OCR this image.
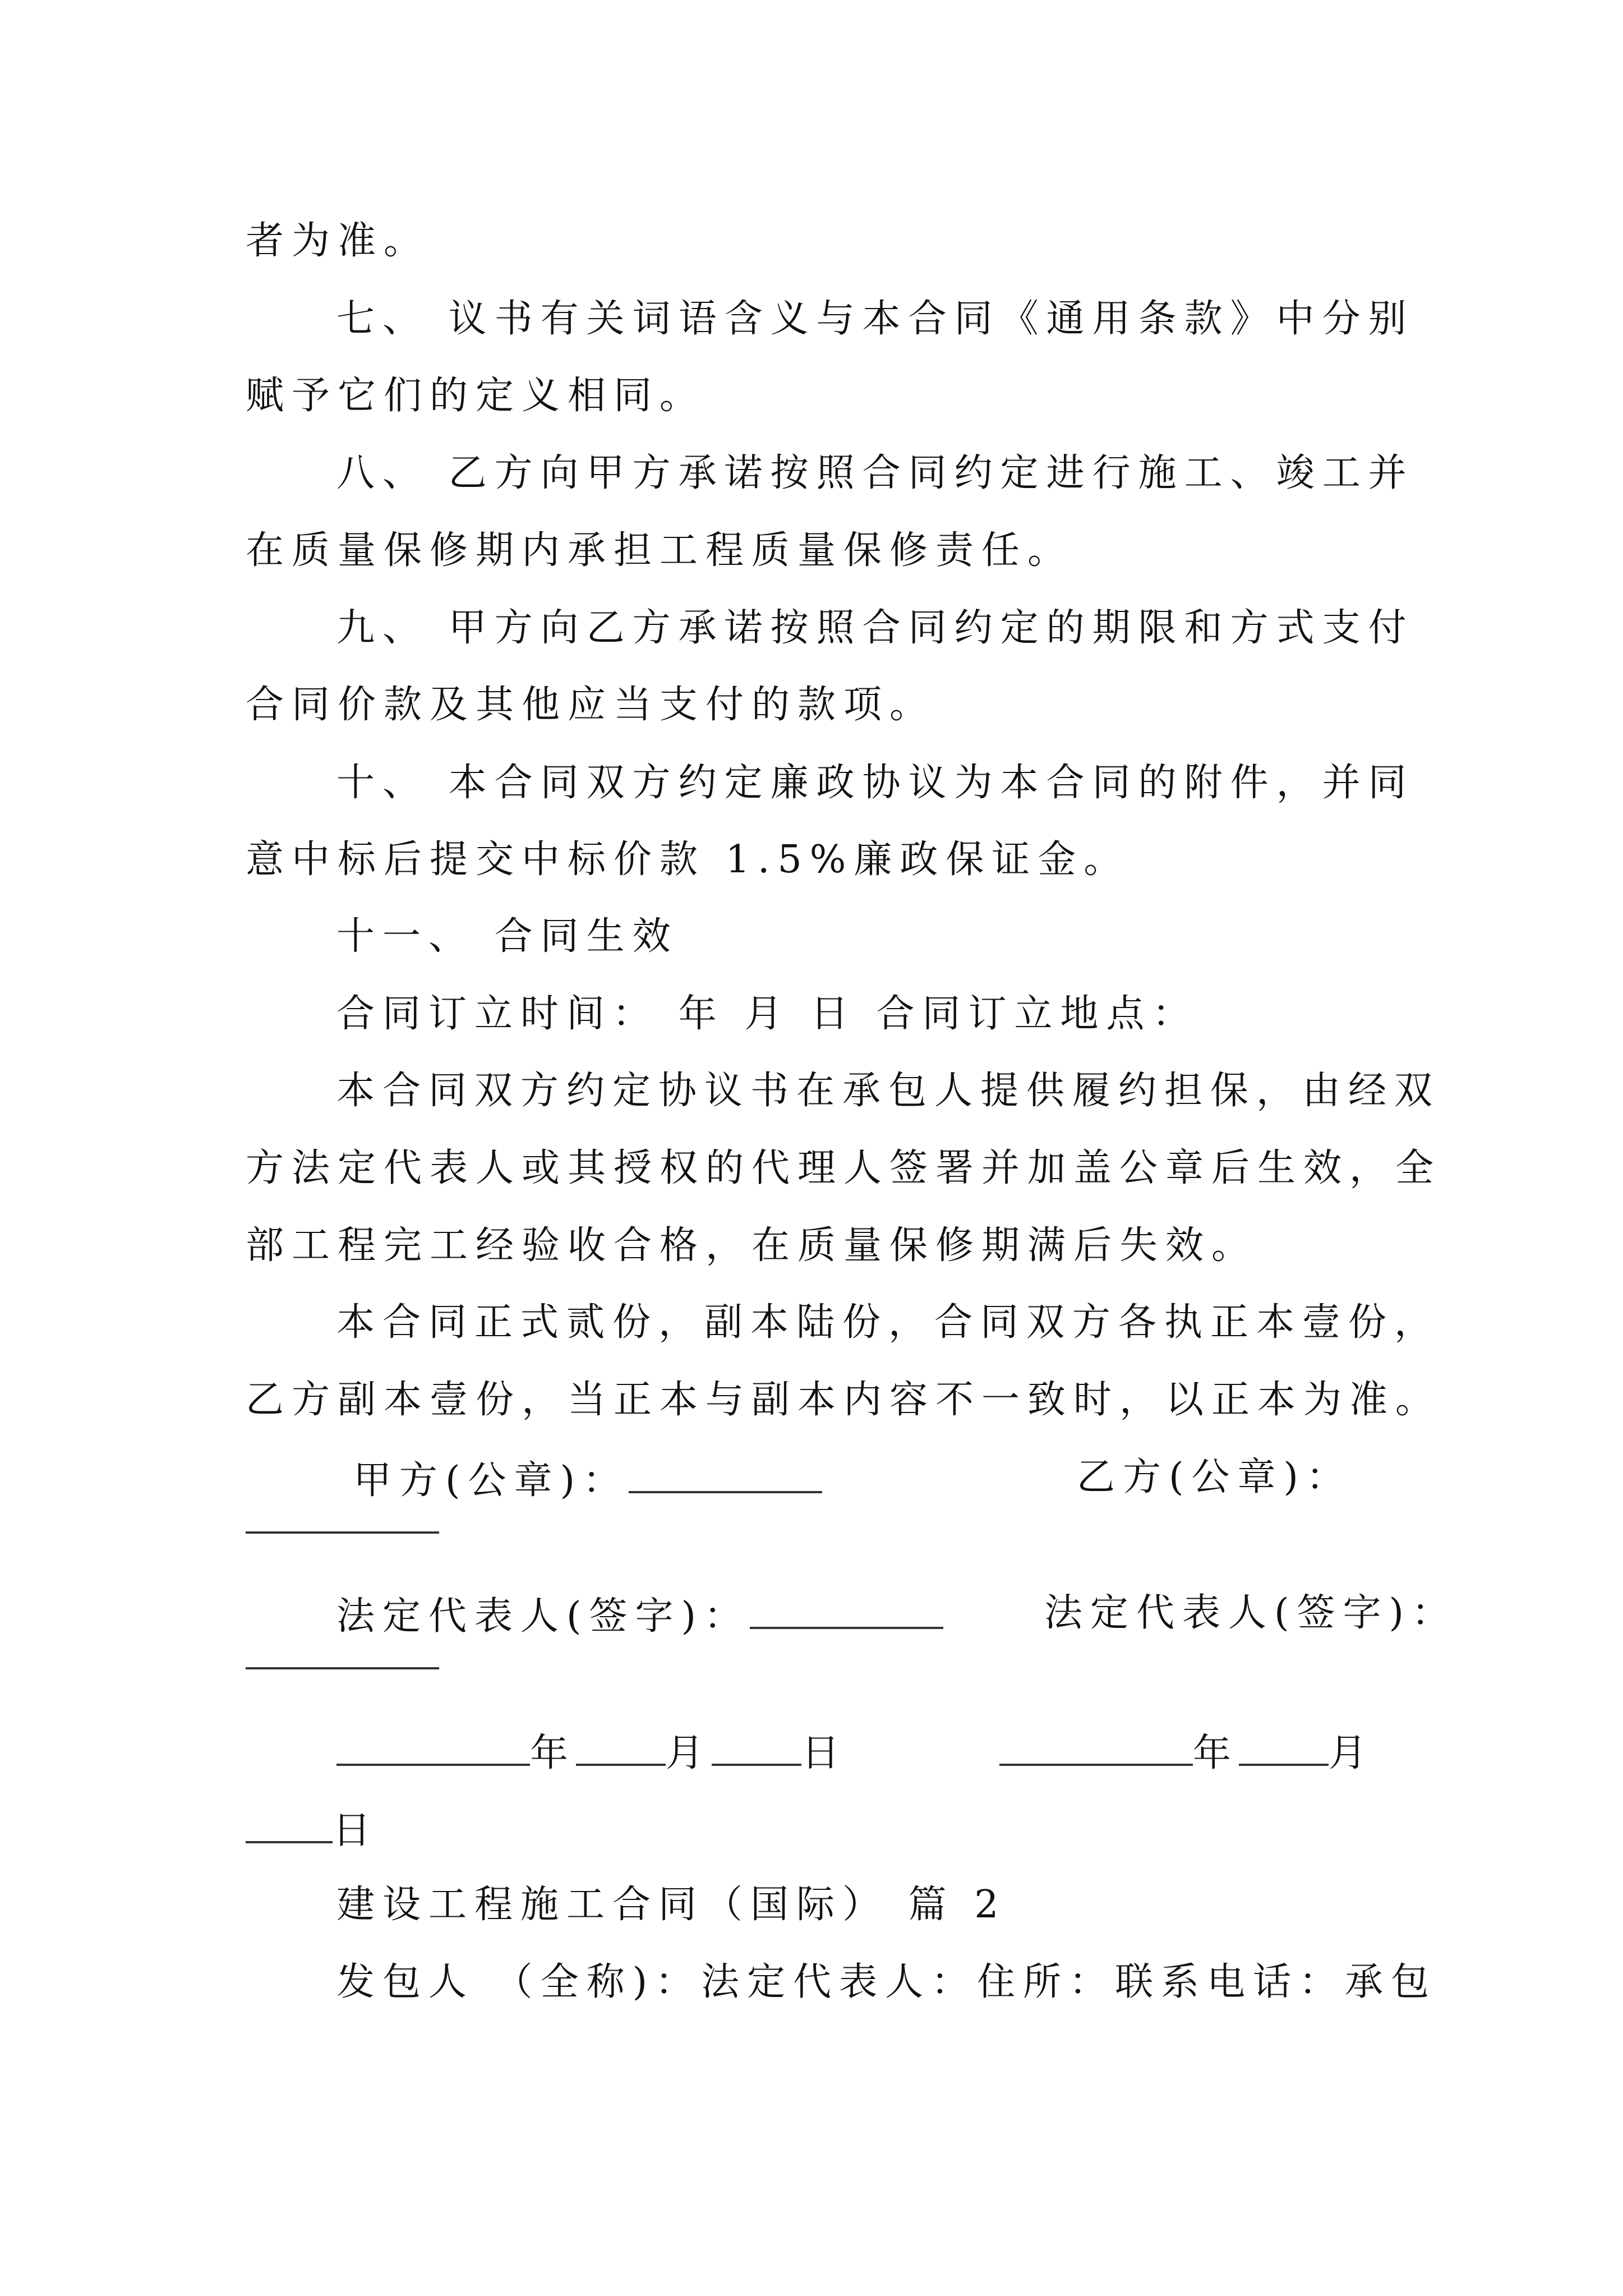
者为准。
七、 议书有关词语含义与本合同《通用条款》中分别
赋予它们的定义相同。
八、 乙方向甲方承诺按照合同约定进行施工、竣工并
在质量保修期内承担工程质量保修责任。
九、 甲方向乙方承诺按照合同约定的期限和方式支付
合同价款及其他应当支付的款项。
十、 本合同双方约定廉政协议为本合同的附件，并同
意中标后提交中标价款 1.5%廉政保证金。
十一、 合同生效
合同订立时间： 年 月 日 合同订立地点：
本合同双方约定协议书在承包人提供履约担保，由经双
方法定代表人或其授权的代理人签署并加盖公章后生效，全
部工程完工经验收合格，在质量保修期满后失效。
本合同正式贰份，副本陆份，合同双方各执正本壹份，
乙方副本壹份，当正本与副本内容不一致时，以正本为准。
甲方(公章)：	乙方(公章)：
法定代表人(签字)：	法定代表人(签字)：
年 月 日	年 月
日
建设工程施工合同（国际） 篇 2
发包人 （全称)：法定代表人：住所：联系电话：承包
